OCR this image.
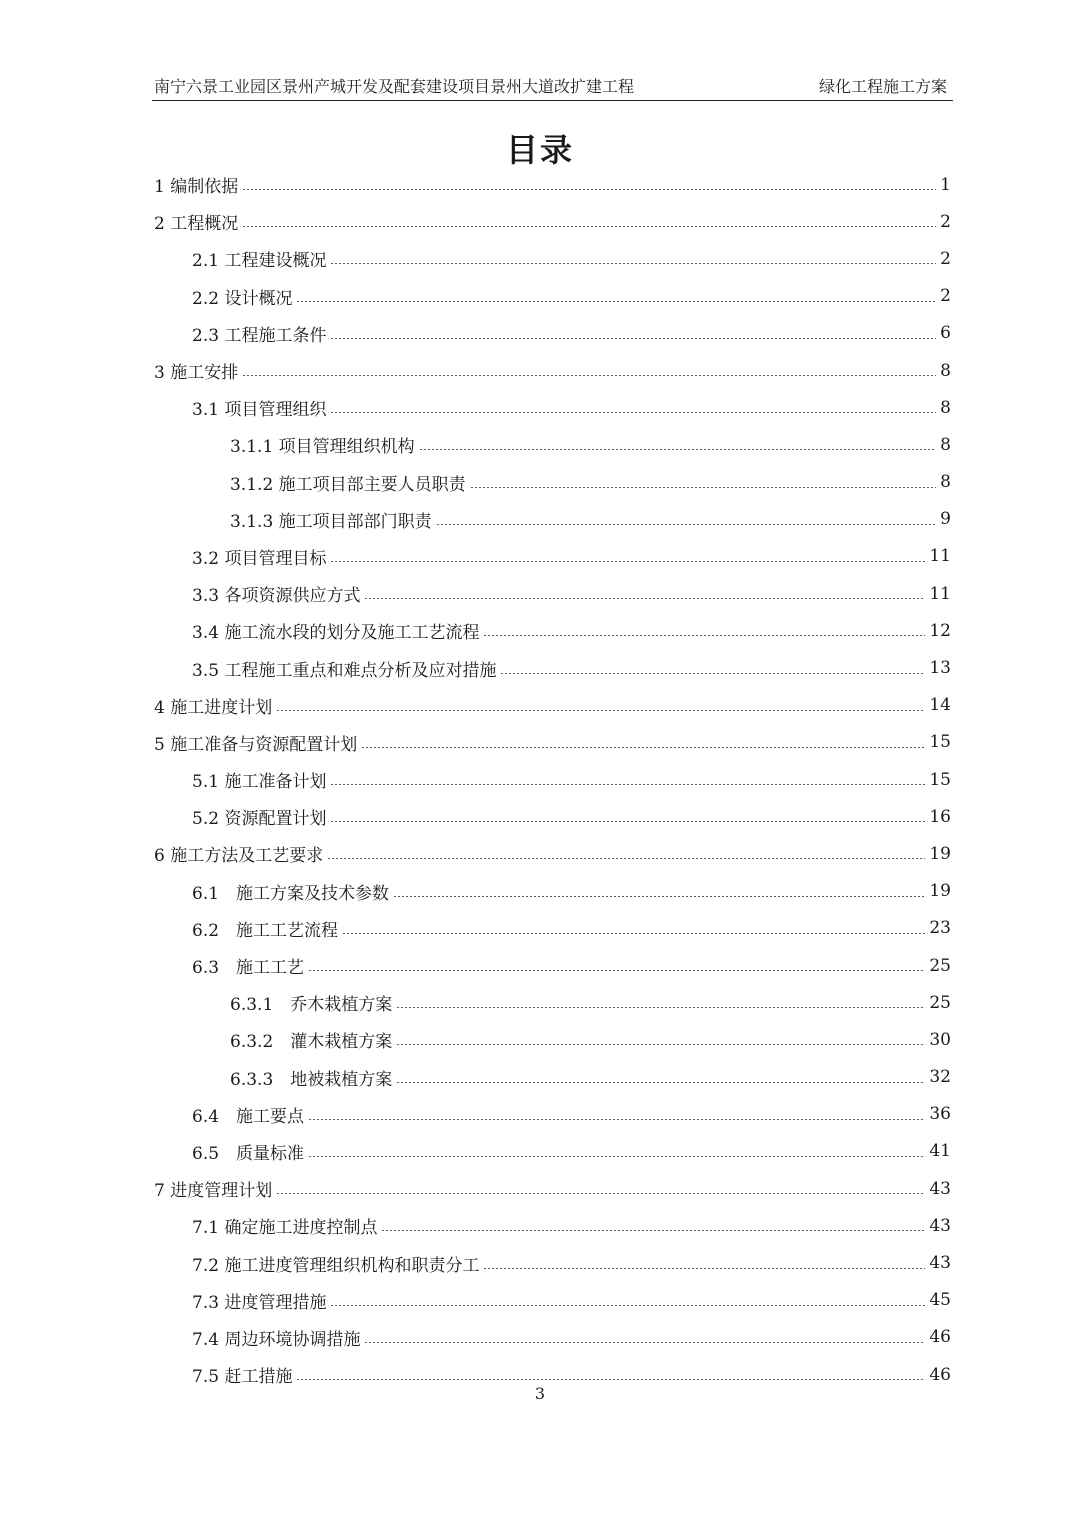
南宁六景工业园区景州产城开发及配套建设项目景州大道改扩建工程	绿化工程施工方案
目录
1 编制依据	1
2 工程概况	2
2.1 工程建设概况	2
2.2 设计概况	2
2.3 工程施工条件	6
3 施工安排	8
3.1 项目管理组织	8
3.1.1 项目管理组织机构	8
3.1.2 施工项目部主要人员职责	8
3.1.3 施工项目部部门职责	9
3.2 项目管理目标	11
3.3 各项资源供应方式	11
3.4 施工流水段的划分及施工工艺流程	12
3.5 工程施工重点和难点分析及应对措施	13
4 施工进度计划	14
5 施工准备与资源配置计划	15
5.1 施工准备计划	15
5.2 资源配置计划	16
6 施工方法及工艺要求	19
6.1　施工方案及技术参数	19
6.2　施工工艺流程	23
6.3　施工工艺	25
6.3.1　乔木栽植方案	25
6.3.2　灌木栽植方案	30
6.3.3　地被栽植方案	32
6.4　施工要点	36
6.5　质量标准	41
7 进度管理计划	43
7.1 确定施工进度控制点	43
7.2 施工进度管理组织机构和职责分工	43
7.3 进度管理措施	45
7.4 周边环境协调措施	46
7.5 赶工措施	46
3
